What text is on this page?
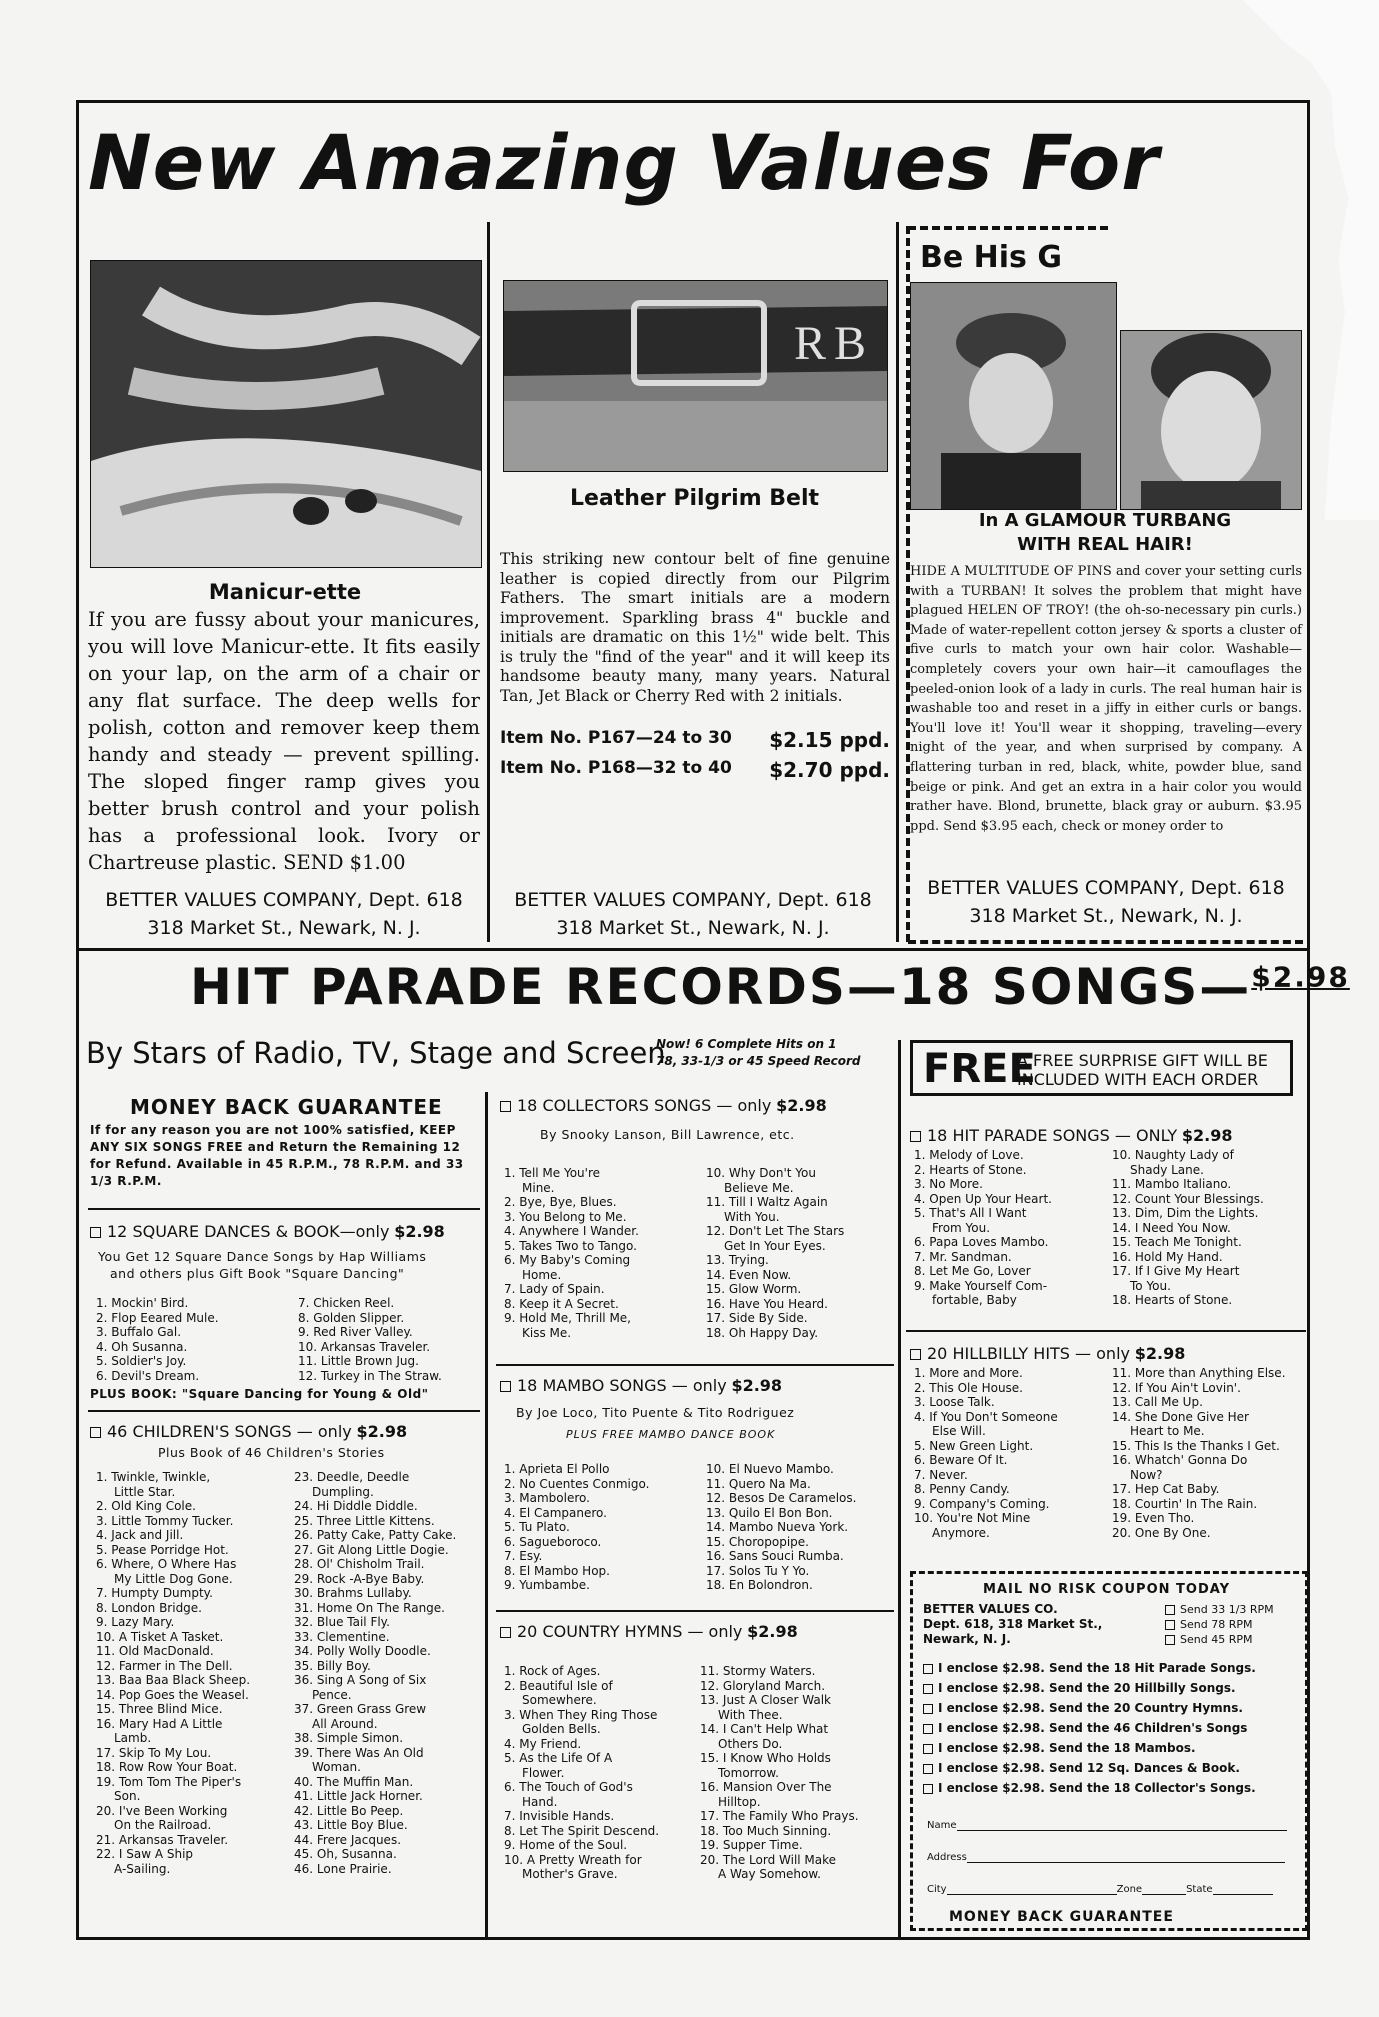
New Amazing Values For
Manicur-ette
If you are fussy about your manicures, you will love Manicur-ette. It fits easily on your lap, on the arm of a chair or any flat surface. The deep wells for polish, cotton and remover keep them handy and steady — prevent spilling. The sloped finger ramp gives you better brush control and your polish has a professional look. Ivory or Chartreuse plastic. SEND $1.00
BETTER VALUES COMPANY, Dept. 618
318 Market St., Newark, N. J.
R B
Leather Pilgrim Belt
This striking new contour belt of fine genuine leather is copied directly from our Pilgrim Fathers. The smart initials are a modern improvement. Sparkling brass 4" buckle and initials are dramatic on this 1½" wide belt. This is truly the "find of the year" and it will keep its handsome beauty many, many years. Natural Tan, Jet Black or Cherry Red with 2 initials.
Item No. P167—24 to 30 $2.15 ppd.
Item No. P168—32 to 40 $2.70 ppd.
BETTER VALUES COMPANY, Dept. 618
318 Market St., Newark, N. J.
Be His G
In A GLAMOUR TURBANG
WITH REAL HAIR!
HIDE A MULTITUDE OF PINS and cover your setting curls with a TURBAN! It solves the problem that might have plagued HELEN OF TROY! (the oh-so-necessary pin curls.) Made of water-repellent cotton jersey & sports a cluster of five curls to match your own hair color. Washable—completely covers your own hair—it camouflages the peeled-onion look of a lady in curls. The real human hair is washable too and reset in a jiffy in either curls or bangs. You'll love it! You'll wear it shopping, traveling—every night of the year, and when surprised by company. A flattering turban in red, black, white, powder blue, sand beige or pink. And get an extra in a hair color you would rather have. Blond, brunette, black gray or auburn. $3.95 ppd. Send $3.95 each, check or money order to
BETTER VALUES COMPANY, Dept. 618
318 Market St., Newark, N. J.
HIT PARADE RECORDS—18 SONGS—$^{\$2.98}$
By Stars of Radio, TV, Stage and Screen
Now! 6 Complete Hits on 1
78, 33-1/3 or 45 Speed Record FREE
A FREE SURPRISE GIFT WILL BE
INCLUDED WITH EACH ORDER
MONEY BACK GUARANTEE
If for any reason you are not 100% satisfied, KEEP ANY SIX SONGS FREE and Return the Remaining 12 for Refund. Available in 45 R.P.M., 78 R.P.M. and 33 1/3 R.P.M.
12 SQUARE DANCES & BOOK—only $2.98
You Get 12 Square Dance Songs by Hap Williams
and others plus Gift Book "Square Dancing"
1. Mockin' Bird.
2. Flop Eeared Mule.
3. Buffalo Gal.
4. Oh Susanna.
5. Soldier's Joy.
6. Devil's Dream.
7. Chicken Reel.
8. Golden Slipper.
9. Red River Valley.
10. Arkansas Traveler.
11. Little Brown Jug.
12. Turkey in The Straw.
PLUS BOOK: "Square Dancing for Young & Old"
46 CHILDREN'S SONGS — only $2.98
Plus Book of 46 Children's Stories
1. Twinkle, Twinkle,
Little Star.
2. Old King Cole.
3. Little Tommy Tucker.
4. Jack and Jill.
5. Pease Porridge Hot.
6. Where, O Where Has
My Little Dog Gone.
7. Humpty Dumpty.
8. London Bridge.
9. Lazy Mary.
10. A Tisket A Tasket.
11. Old MacDonald.
12. Farmer in The Dell.
13. Baa Baa Black Sheep.
14. Pop Goes the Weasel.
15. Three Blind Mice.
16. Mary Had A Little
Lamb.
17. Skip To My Lou.
18. Row Row Your Boat.
19. Tom Tom The Piper's
Son.
20. I've Been Working
On the Railroad.
21. Arkansas Traveler.
22. I Saw A Ship
A-Sailing.
23. Deedle, Deedle
Dumpling.
24. Hi Diddle Diddle.
25. Three Little Kittens.
26. Patty Cake, Patty Cake.
27. Git Along Little Dogie.
28. Ol' Chisholm Trail.
29. Rock -A-Bye Baby.
30. Brahms Lullaby.
31. Home On The Range.
32. Blue Tail Fly.
33. Clementine.
34. Polly Wolly Doodle.
35. Billy Boy.
36. Sing A Song of Six
Pence.
37. Green Grass Grew
All Around.
38. Simple Simon.
39. There Was An Old
Woman.
40. The Muffin Man.
41. Little Jack Horner.
42. Little Bo Peep.
43. Little Boy Blue.
44. Frere Jacques.
45. Oh, Susanna.
46. Lone Prairie.
18 COLLECTORS SONGS — only $2.98
By Snooky Lanson, Bill Lawrence, etc.
1. Tell Me You're
Mine.
2. Bye, Bye, Blues.
3. You Belong to Me.
4. Anywhere I Wander.
5. Takes Two to Tango.
6. My Baby's Coming
Home.
7. Lady of Spain.
8. Keep it A Secret.
9. Hold Me, Thrill Me,
Kiss Me.
10. Why Don't You
Believe Me.
11. Till I Waltz Again
With You.
12. Don't Let The Stars
Get In Your Eyes.
13. Trying.
14. Even Now.
15. Glow Worm.
16. Have You Heard.
17. Side By Side.
18. Oh Happy Day.
18 MAMBO SONGS — only $2.98
By Joe Loco, Tito Puente & Tito Rodriguez
PLUS FREE MAMBO DANCE BOOK
1. Aprieta El Pollo
2. No Cuentes Conmigo.
3. Mambolero.
4. El Campanero.
5. Tu Plato.
6. Sagueboroco.
7. Esy.
8. El Mambo Hop.
9. Yumbambe.
10. El Nuevo Mambo.
11. Quero Na Ma.
12. Besos De Caramelos.
13. Quilo El Bon Bon.
14. Mambo Nueva York.
15. Choropopipe.
16. Sans Souci Rumba.
17. Solos Tu Y Yo.
18. En Bolondron.
20 COUNTRY HYMNS — only $2.98
1. Rock of Ages.
2. Beautiful Isle of
Somewhere.
3. When They Ring Those
Golden Bells.
4. My Friend.
5. As the Life Of A
Flower.
6. The Touch of God's
Hand.
7. Invisible Hands.
8. Let The Spirit Descend.
9. Home of the Soul.
10. A Pretty Wreath for
Mother's Grave.
11. Stormy Waters.
12. Gloryland March.
13. Just A Closer Walk
With Thee.
14. I Can't Help What
Others Do.
15. I Know Who Holds
Tomorrow.
16. Mansion Over The
Hilltop.
17. The Family Who Prays.
18. Too Much Sinning.
19. Supper Time.
20. The Lord Will Make
A Way Somehow.
18 HIT PARADE SONGS — ONLY $2.98
1. Melody of Love.
2. Hearts of Stone.
3. No More.
4. Open Up Your Heart.
5. That's All I Want
From You.
6. Papa Loves Mambo.
7. Mr. Sandman.
8. Let Me Go, Lover
9. Make Yourself Com-
fortable, Baby
10. Naughty Lady of
Shady Lane.
11. Mambo Italiano.
12. Count Your Blessings.
13. Dim, Dim the Lights.
14. I Need You Now.
15. Teach Me Tonight.
16. Hold My Hand.
17. If I Give My Heart
To You.
18. Hearts of Stone.
20 HILLBILLY HITS — only $2.98
1. More and More.
2. This Ole House.
3. Loose Talk.
4. If You Don't Someone
Else Will.
5. New Green Light.
6. Beware Of It.
7. Never.
8. Penny Candy.
9. Company's Coming.
10. You're Not Mine
Anymore.
11. More than Anything Else.
12. If You Ain't Lovin'.
13. Call Me Up.
14. She Done Give Her
Heart to Me.
15. This Is the Thanks I Get.
16. Whatch' Gonna Do
Now?
17. Hep Cat Baby.
18. Courtin' In The Rain.
19. Even Tho.
20. One By One.
MAIL NO RISK COUPON TODAY
BETTER VALUES CO.
Dept. 618, 318 Market St.,
Newark, N. J.
Send 33 1/3 RPM
Send 78 RPM
Send 45 RPM
I enclose $2.98. Send the 18 Hit Parade Songs.
I enclose $2.98. Send the 20 Hillbilly Songs.
I enclose $2.98. Send the 20 Country Hymns.
I enclose $2.98. Send the 46 Children's Songs
I enclose $2.98. Send the 18 Mambos.
I enclose $2.98. Send 12 Sq. Dances & Book.
I enclose $2.98. Send the 18 Collector's Songs.
Name
Address
City	Zone	State
MONEY BACK GUARANTEE
